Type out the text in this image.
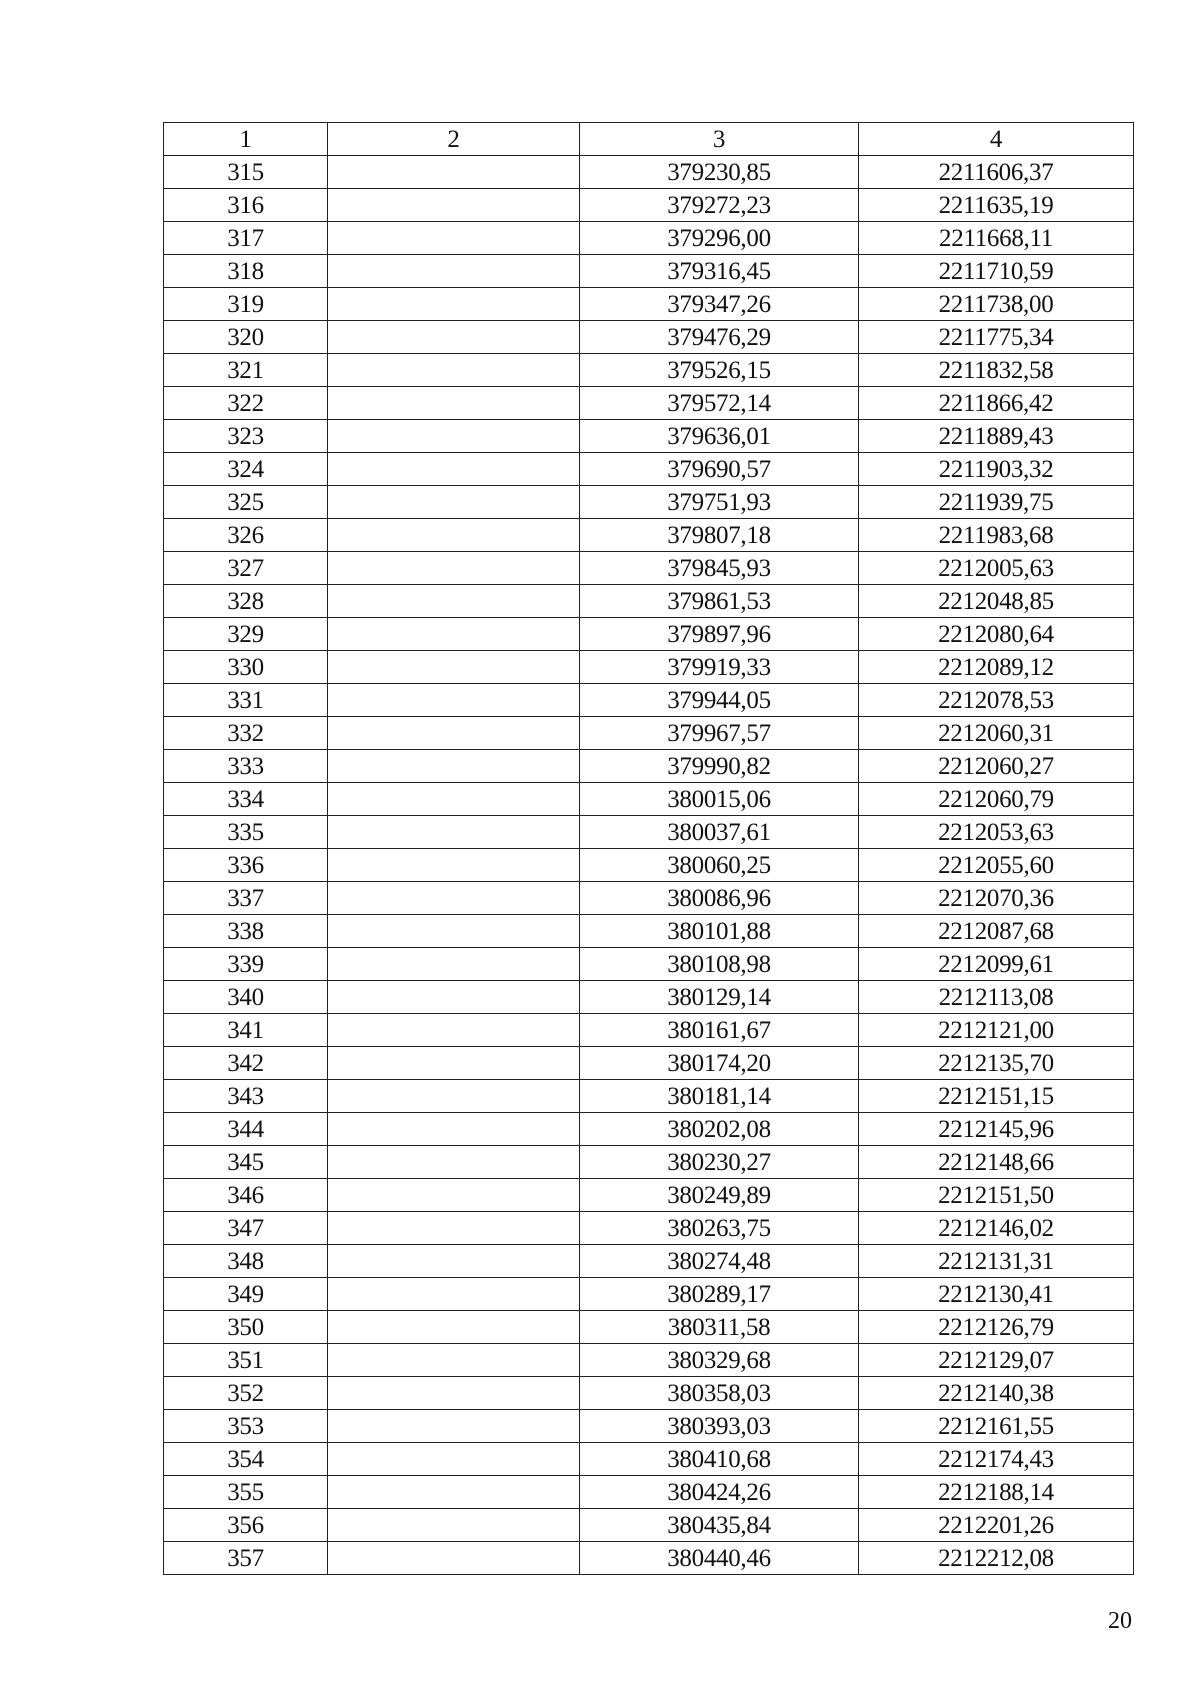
1	2	3	4
315		379230,85	2211606,37
316		379272,23	2211635,19
317		379296,00	2211668,11
318		379316,45	2211710,59
319		379347,26	2211738,00
320		379476,29	2211775,34
321		379526,15	2211832,58
322		379572,14	2211866,42
323		379636,01	2211889,43
324		379690,57	2211903,32
325		379751,93	2211939,75
326		379807,18	2211983,68
327		379845,93	2212005,63
328		379861,53	2212048,85
329		379897,96	2212080,64
330		379919,33	2212089,12
331		379944,05	2212078,53
332		379967,57	2212060,31
333		379990,82	2212060,27
334		380015,06	2212060,79
335		380037,61	2212053,63
336		380060,25	2212055,60
337		380086,96	2212070,36
338		380101,88	2212087,68
339		380108,98	2212099,61
340		380129,14	2212113,08
341		380161,67	2212121,00
342		380174,20	2212135,70
343		380181,14	2212151,15
344		380202,08	2212145,96
345		380230,27	2212148,66
346		380249,89	2212151,50
347		380263,75	2212146,02
348		380274,48	2212131,31
349		380289,17	2212130,41
350		380311,58	2212126,79
351		380329,68	2212129,07
352		380358,03	2212140,38
353		380393,03	2212161,55
354		380410,68	2212174,43
355		380424,26	2212188,14
356		380435,84	2212201,26
357		380440,46	2212212,08
20
